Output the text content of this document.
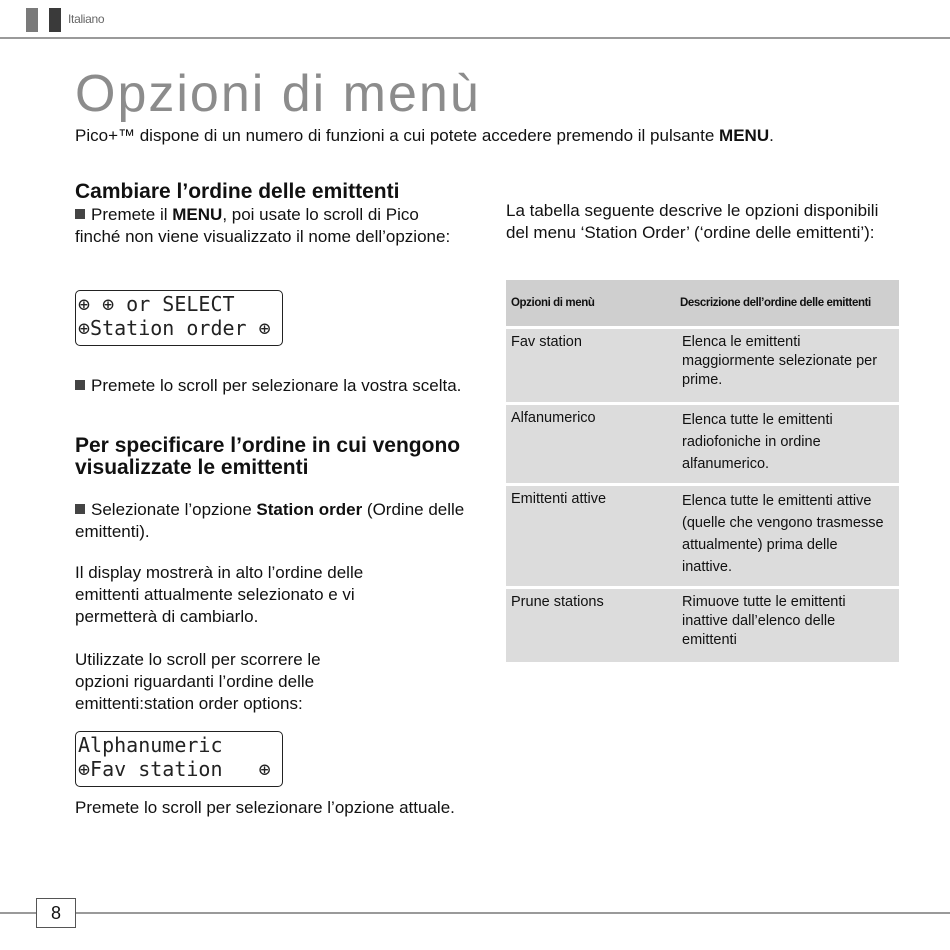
Italiano
Opzioni di menù
Pico+™ dispone di un numero di funzioni a cui potete accedere premendo il pulsante MENU.
Cambiare l’ordine delle emittenti

Premete il MENU, poi usate lo scroll di Pico finché non viene visualizzato il nome dell’opzione:

⊕ ⊕ or SELECT
⊕Station order ⊕

Premete lo scroll per selezionare la vostra scelta.

Per specificare l’ordine in cui vengono visualizzate le emittenti

Selezionate l’opzione Station order (Ordine delle emittenti).

Il display mostrerà in alto l’ordine delle emittenti attualmente selezionato e vi permetterà di cambiarlo.

Utilizzate lo scroll per scorrere le opzioni riguardanti l’ordine delle emittenti:station order options:

Alphanumeric
⊕Fav station   ⊕

Premete lo scroll per selezionare l’opzione attuale.

La tabella seguente descrive le opzioni disponibili del menu ‘Station Order’ (‘ordine delle emittenti’):

Opzioni di menù	Descrizione dell’ordine delle emittenti
Fav station	Elenca le emittenti maggiormente selezionate per prime.
Alfanumerico	Elenca tutte le emittenti radiofoniche in ordine alfanumerico.
Emittenti attive	Elenca tutte le emittenti attive (quelle che vengono trasmesse attualmente) prima delle inattive.
Prune stations	Rimuove tutte le emittenti inattive dall’elenco delle emittenti
8
